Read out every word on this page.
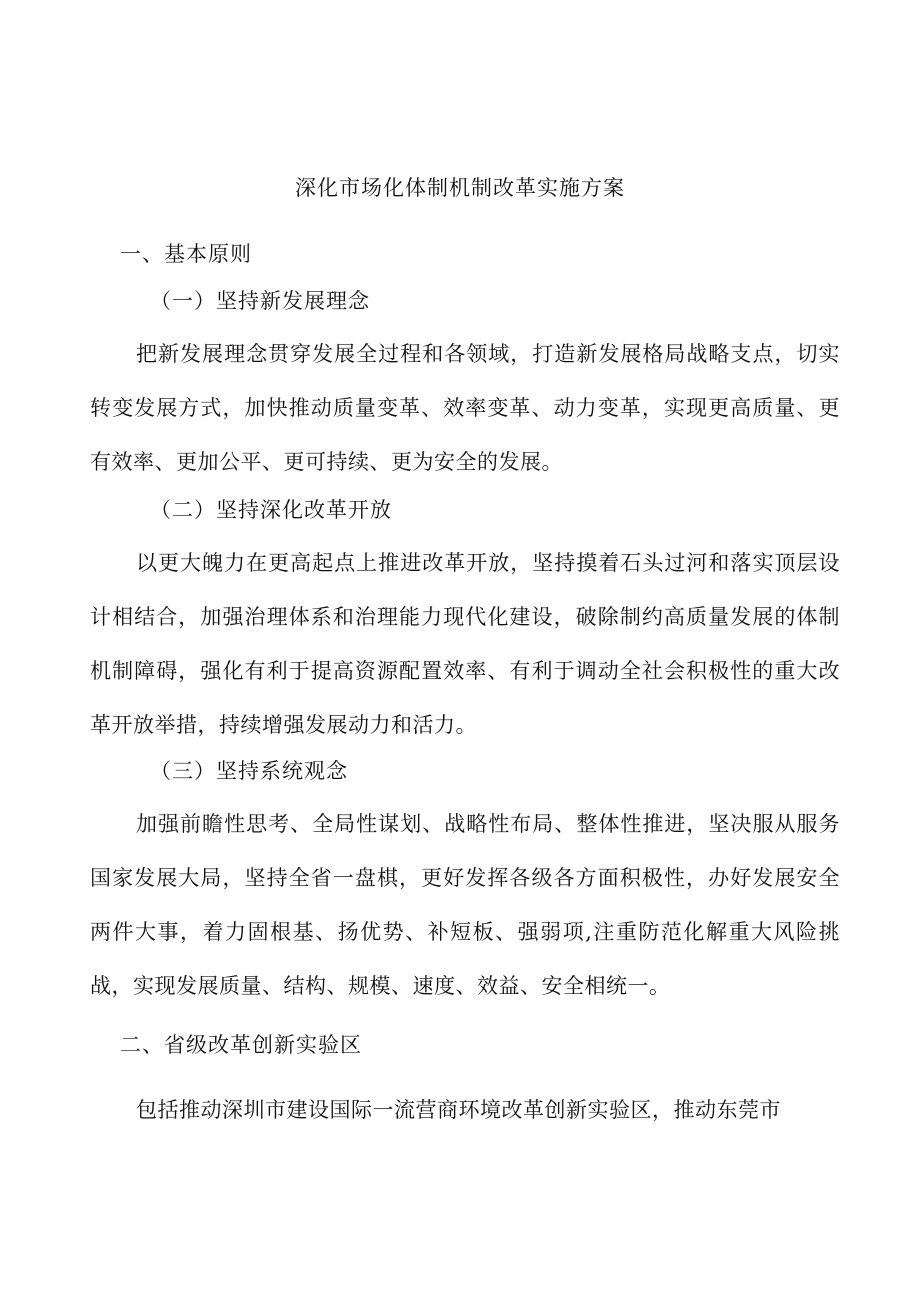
深化市场化体制机制改革实施方案
一、基本原则
（一）坚持新发展理念

把新发展理念贯穿发展全过程和各领域，打造新发展格局战略支点，切实转变发展方式，加快推动质量变革、效率变革、动力变革，实现更高质量、更有效率、更加公平、更可持续、更为安全的发展。

（二）坚持深化改革开放

以更大魄力在更高起点上推进改革开放，坚持摸着石头过河和落实顶层设计相结合，加强治理体系和治理能力现代化建设，破除制约高质量发展的体制机制障碍，强化有利于提高资源配置效率、有利于调动全社会积极性的重大改革开放举措，持续增强发展动力和活力。

（三）坚持系统观念

加强前瞻性思考、全局性谋划、战略性布局、整体性推进，坚决服从服务国家发展大局，坚持全省一盘棋，更好发挥各级各方面积极性，办好发展安全两件大事，着力固根基、扬优势、补短板、强弱项,注重防范化解重大风险挑战，实现发展质量、结构、规模、速度、效益、安全相统一。

二、省级改革创新实验区

包括推动深圳市建设国际一流营商环境改革创新实验区，推动东莞市
